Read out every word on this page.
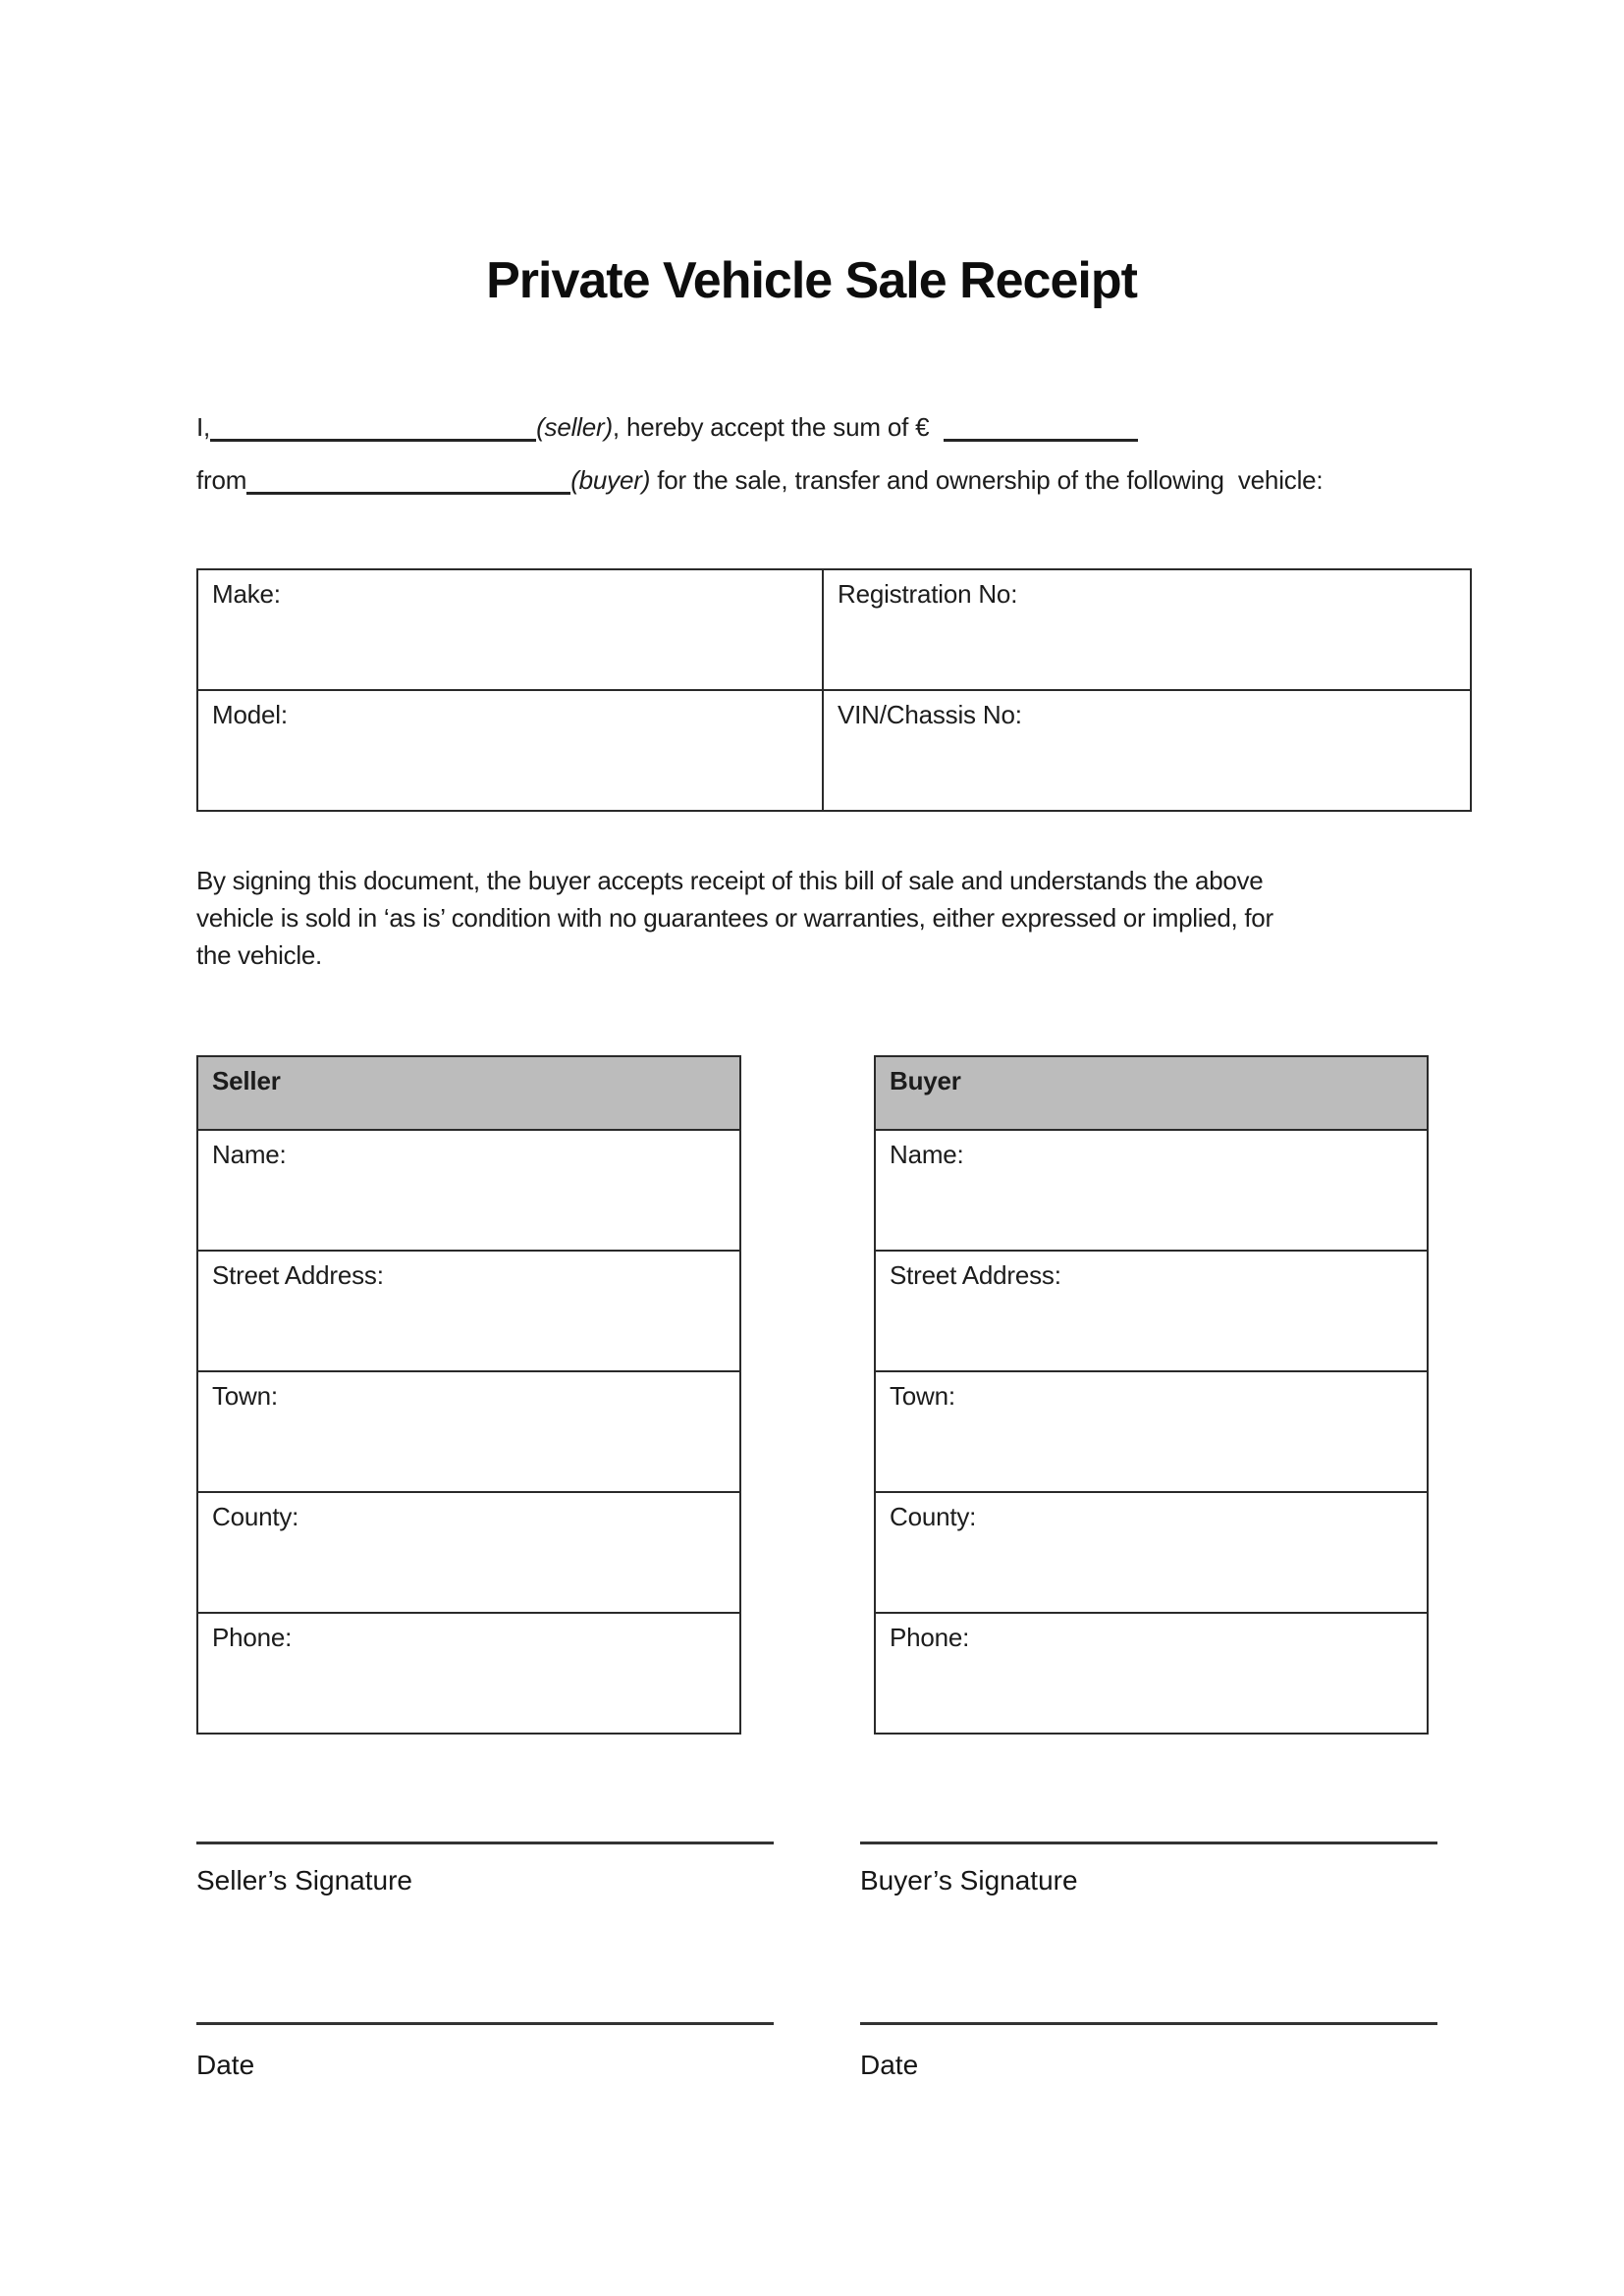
Private Vehicle Sale Receipt
I,	(seller), hereby accept the sum of €
from	(buyer) for the sale, transfer and ownership of the following  vehicle:
Make:	Registration No:
Model:	VIN/Chassis No:
By signing this document, the buyer accepts receipt of this bill of sale and understands the above
vehicle is sold in ‘as is’ condition with no guarantees or warranties, either expressed or implied, for
the vehicle.
Seller
Name:
Street Address:
Town:
County:
Phone:
Buyer
Name:
Street Address:
Town:
County:
Phone:
Seller’s Signature	Buyer’s Signature
Date	Date
